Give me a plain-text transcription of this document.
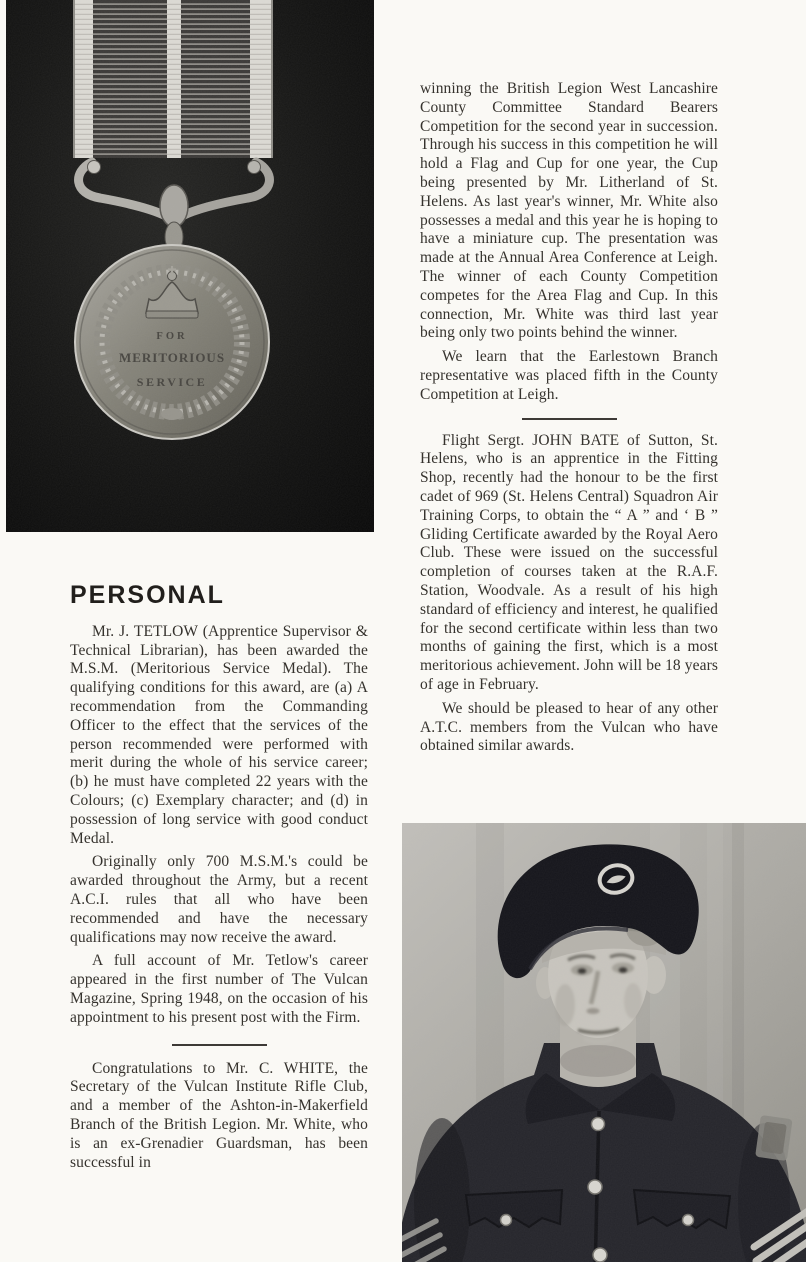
PERSONAL

Mr. J. TETLOW (Apprentice Supervisor & Technical Librarian), has been awarded the M.S.M. (Meritorious Service Medal). The qualifying conditions for this award, are (a) A recommendation from the Commanding Officer to the effect that the services of the person recommended were performed with merit during the whole of his service career; (b) he must have completed 22 years with the Colours; (c) Exemplary character; and (d) in possession of long service with good conduct Medal.

Originally only 700 M.S.M.'s could be awarded throughout the Army, but a recent A.C.I. rules that all who have been recommended and have the necessary qualifications may now receive the award.

A full account of Mr. Tetlow's career appeared in the first number of The Vulcan Magazine, Spring 1948, on the occasion of his appointment to his present post with the Firm.

Congratulations to Mr. C. WHITE, the Secretary of the Vulcan Institute Rifle Club, and a member of the Ashton-in-Makerfield Branch of the British Legion. Mr. White, who is an ex-Grenadier Guardsman, has been successful in

winning the British Legion West Lancashire County Committee Standard Bearers Competition for the second year in succession. Through his success in this competition he will hold a Flag and Cup for one year, the Cup being presented by Mr. Litherland of St. Helens. As last year's winner, Mr. White also possesses a medal and this year he is hoping to have a miniature cup. The presentation was made at the Annual Area Conference at Leigh. The winner of each County Competition competes for the Area Flag and Cup. In this connection, Mr. White was third last year being only two points behind the winner.

We learn that the Earlestown Branch representative was placed fifth in the County Competition at Leigh.

Flight Sergt. JOHN BATE of Sutton, St. Helens, who is an apprentice in the Fitting Shop, recently had the honour to be the first cadet of 969 (St. Helens Central) Squadron Air Training Corps, to obtain the “ A ” and ‘ B ” Gliding Certificate awarded by the Royal Aero Club. These were issued on the successful completion of courses taken at the R.A.F. Station, Woodvale. As a result of his high standard of efficiency and interest, he qualified for the second certificate within less than two months of gaining the first, which is a most meritorious achievement. John will be 18 years of age in February.

We should be pleased to hear of any other A.T.C. members from the Vulcan who have obtained similar awards.
